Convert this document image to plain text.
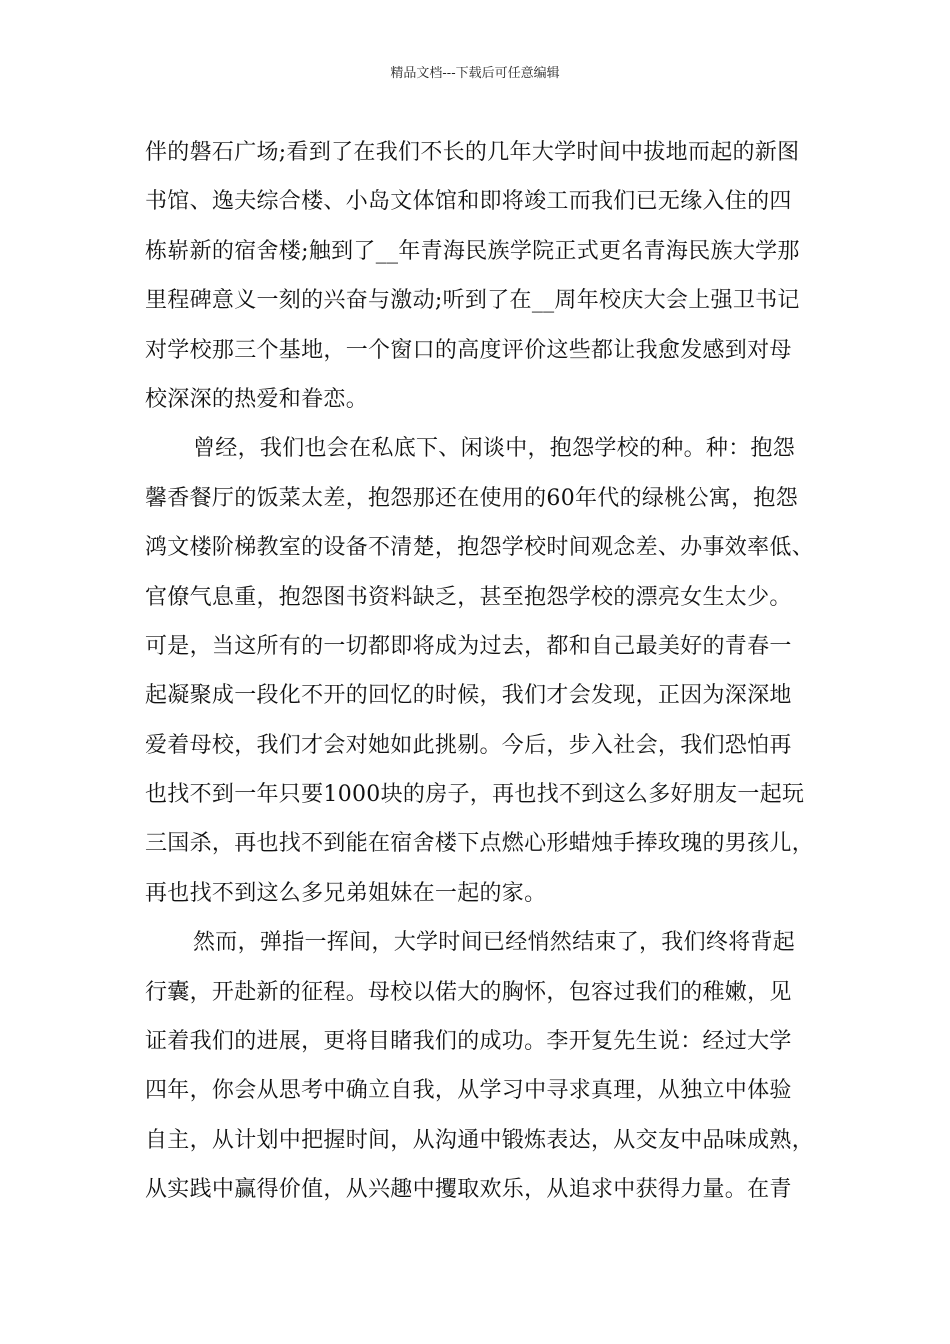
精品文档---下载后可任意编辑
伴的磐石广场;看到了在我们不长的几年大学时间中拔地而起的新图
书馆、逸夫综合楼、小岛文体馆和即将竣工而我们已无缘入住的四
栋崭新的宿舍楼;触到了__年青海民族学院正式更名青海民族大学那
里程碑意义一刻的兴奋与激动;听到了在__周年校庆大会上强卫书记
对学校那三个基地，一个窗口的高度评价这些都让我愈发感到对母
校深深的热爱和眷恋。
曾经，我们也会在私底下、闲谈中，抱怨学校的种。种：抱怨
馨香餐厅的饭菜太差，抱怨那还在使用的60年代的绿桃公寓，抱怨
鸿文楼阶梯教室的设备不清楚，抱怨学校时间观念差、办事效率低、
官僚气息重，抱怨图书资料缺乏，甚至抱怨学校的漂亮女生太少。
可是，当这所有的一切都即将成为过去，都和自己最美好的青春一
起凝聚成一段化不开的回忆的时候，我们才会发现，正因为深深地
爱着母校，我们才会对她如此挑剔。今后，步入社会，我们恐怕再
也找不到一年只要1000块的房子，再也找不到这么多好朋友一起玩
三国杀，再也找不到能在宿舍楼下点燃心形蜡烛手捧玫瑰的男孩儿，
再也找不到这么多兄弟姐妹在一起的家。
然而，弹指一挥间，大学时间已经悄然结束了，我们终将背起
行囊，开赴新的征程。母校以偌大的胸怀，包容过我们的稚嫩，见
证着我们的进展，更将目睹我们的成功。李开复先生说：经过大学
四年，你会从思考中确立自我，从学习中寻求真理，从独立中体验
自主，从计划中把握时间，从沟通中锻炼表达，从交友中品味成熟，
从实践中赢得价值，从兴趣中攫取欢乐，从追求中获得力量。在青
